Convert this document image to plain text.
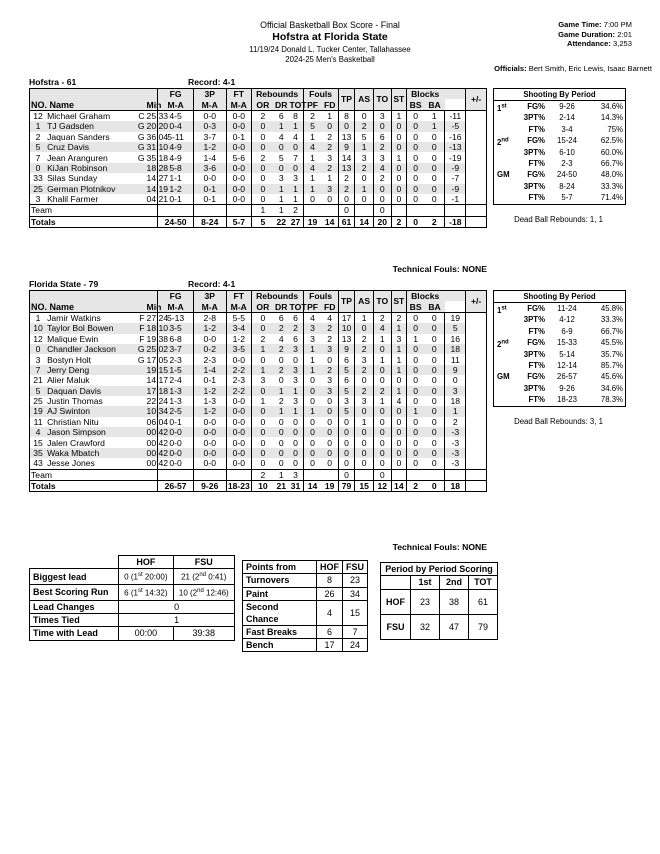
Official Basketball Box Score - Final
Hofstra at Florida State
11/19/24 Donald L. Tucker Center, Tallahassee
2024-25 Men's Basketball
Game Time: 7:00 PM
Game Duration: 2:01
Attendance: 3,253
Officials: Bert Smith, Eric Lewis, Isaac Barnett
Hofstra - 61	Record: 4-1
			FG	3P	FT	Rebounds			Fouls		TP	AS	TO	ST	Blocks			+/-
NO. Name		Min	M-A	M-A	M-A	OR	DR	TOT	PF	FD					BS	BA		
12	Michael Graham C	25:33	4-5	0-0	0-0	2	6	8	2	1	8	0	3	1	0	1	-11	
1	TJ Gadsden G	20:20	0-4	0-3	0-0	0	1	1	5	0	0	2	0	0	0	1	-5	
2	Jaquan Sanders G	36:04	5-11	3-7	0-1	0	4	4	1	2	13	5	6	0	0	0	-16	
5	Cruz Davis G	31:10	4-9	1-2	0-0	0	0	0	4	2	9	1	2	0	0	0	-13	
7	Jean Aranguren G	35:18	4-9	1-4	5-6	2	5	7	1	3	14	3	3	1	0	0	-19	
0	KiJan Robinson	18:28	5-8	3-6	0-0	0	0	0	4	2	13	2	4	0	0	0	-9	
33	Silas Sunday	14:27	1-1	0-0	0-0	0	3	3	1	1	2	0	2	0	0	0	-7	
25	German Plotnikov	14:19	1-2	0-1	0-0	0	1	1	1	3	2	1	0	0	0	0	-9	
3	Khalil Farmer	04:21	0-1	0-1	0-0	0	1	1	0	0	0	0	0	0	0	0	-1	
Team						1	1	2			0		0					
Totals			24-50	8-24	5-7	5	22	27	19	14	61	14	20	2	0	2	-18	
Technical Fouls: NONE
Shooting By Period
1st	FG%	9-26	34.6%
3PT%	2-14	14.3%
FT%	3-4	75%
2nd	FG%	15-24	62.5%
3PT%	6-10	60.0%
FT%	2-3	66.7%
GM	FG%	24-50	48.0%
3PT%	8-24	33.3%
FT%	5-7	71.4%
Dead Ball Rebounds: 1, 1
Florida State - 79	Record: 4-1
			FG	3P	FT	Rebounds			Fouls		TP	AS	TO	ST	Blocks			+/-
NO. Name		Min	M-A	M-A	M-A	OR	DR	TOT	PF	FD					BS	BA		
1	Jamir Watkins F	27:24	5-13	2-8	5-5	0	6	6	4	4	17	1	2	2	0	0	19	
10	Taylor Bol Bowen F	18:10	3-5	1-2	3-4	0	2	2	3	2	10	0	4	1	0	0	5	
12	Malique Ewin F	19:38	6-8	0-0	1-2	2	4	6	3	2	13	2	1	3	1	0	16	
0	Chandler Jackson G	25:02	3-7	0-2	3-5	1	2	3	1	3	9	2	0	1	0	0	18	
3	Bostyn Holt G	17:05	2-3	2-3	0-0	0	0	0	1	0	6	3	1	1	0	0	11	
7	Jerry Deng	19:15	1-5	1-4	2-2	1	2	3	1	2	5	2	0	1	0	0	9	
21	Alier Maluk	14:17	2-4	0-1	2-3	3	0	3	0	3	6	0	0	0	0	0	0	
5	Daquan Davis	17:18	1-3	1-2	2-2	0	1	1	0	3	5	2	2	1	0	0	3	
25	Justin Thomas	22:24	1-3	1-3	0-0	1	2	3	0	0	3	3	1	4	0	0	18	
19	AJ Swinton	10:34	2-5	1-2	0-0	0	1	1	1	0	5	0	0	0	1	0	1	
11	Christian Nitu	06:04	0-1	0-0	0-0	0	0	0	0	0	0	1	0	0	0	0	2	
4	Jason Simpson	00:42	0-0	0-0	0-0	0	0	0	0	0	0	0	0	0	0	0	-3	
15	Jalen Crawford	00:42	0-0	0-0	0-0	0	0	0	0	0	0	0	0	0	0	0	-3	
35	Waka Mbatch	00:42	0-0	0-0	0-0	0	0	0	0	0	0	0	0	0	0	0	-3	
43	Jesse Jones	00:42	0-0	0-0	0-0	0	0	0	0	0	0	0	0	0	0	0	-3	
Team						2	1	3			0		0					
Totals			26-57	9-26	18-23	10	21	31	14	19	79	15	12	14	2	0	18	
Technical Fouls: NONE
Shooting By Period
1st	FG%	11-24	45.8%
3PT%	4-12	33.3%
FT%	6-9	66.7%
2nd	FG%	15-33	45.5%
3PT%	5-14	35.7%
FT%	12-14	85.7%
GM	FG%	26-57	45.6%
3PT%	9-26	34.6%
FT%	18-23	78.3%
Dead Ball Rebounds: 3, 1
	HOF	FSU
Biggest lead	0 (1st 20:00)	21 (2nd 0:41)
Best Scoring Run	6 (1st 14:32)	10 (2nd 12:46)
Lead Changes	0	
Times Tied	1	
Time with Lead	00:00	39:38
Points from	HOF	FSU
Turnovers	8	23
Paint	26	34
Second Chance	4	15
Fast Breaks	6	7
Bench	17	24
Period by Period Scoring			
	1st	2nd	TOT
HOF	23	38	61
FSU	32	47	79
